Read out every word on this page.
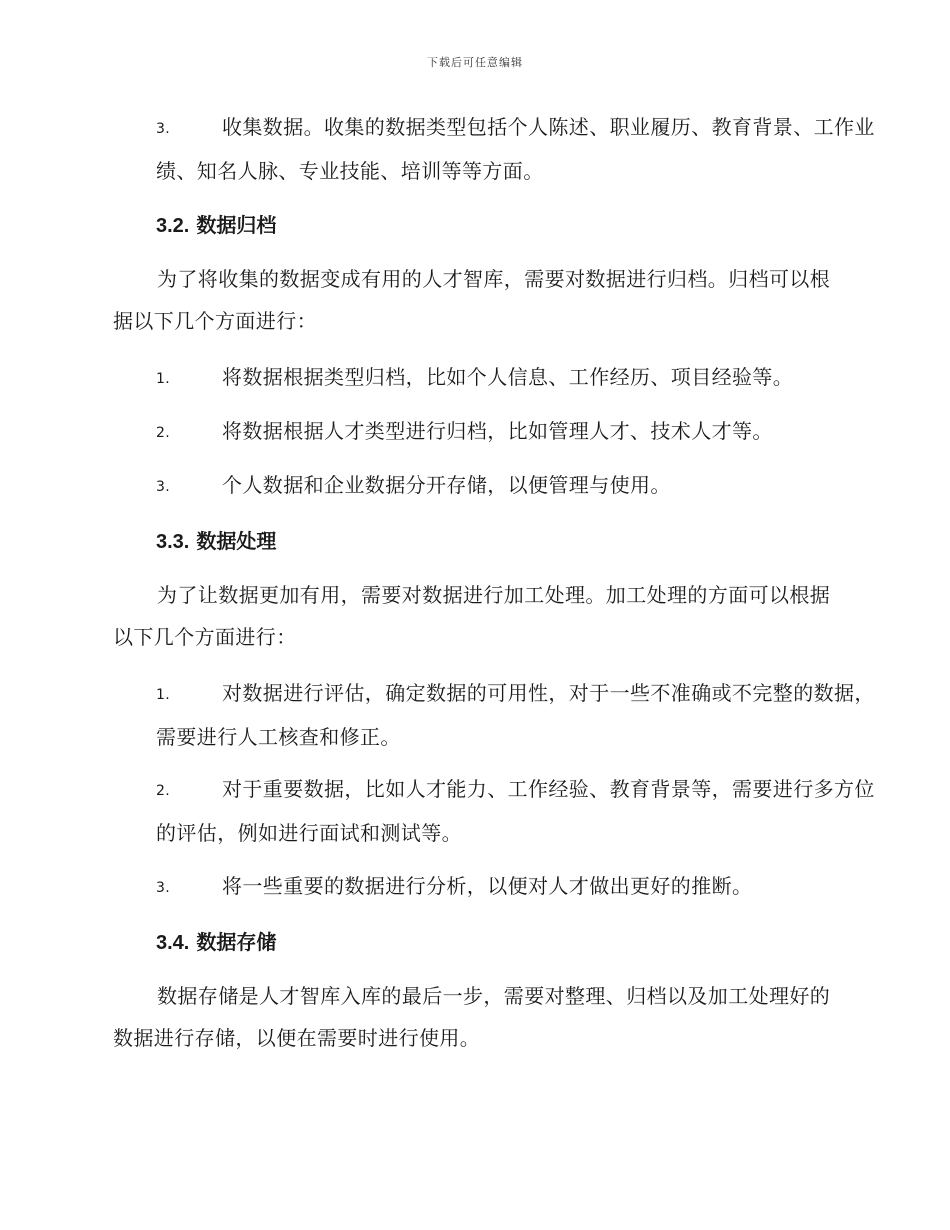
下载后可任意编辑
3.	收集数据。收集的数据类型包括个人陈述、职业履历、教育背景、工作业绩、知名人脉、专业技能、培训等等方面。
3.2. 数据归档
为了将收集的数据变成有用的人才智库，需要对数据进行归档。归档可以根据以下几个方面进行：
1.	将数据根据类型归档，比如个人信息、工作经历、项目经验等。
2.	将数据根据人才类型进行归档，比如管理人才、技术人才等。
3.	个人数据和企业数据分开存储，以便管理与使用。
3.3. 数据处理
为了让数据更加有用，需要对数据进行加工处理。加工处理的方面可以根据以下几个方面进行：
1.	对数据进行评估，确定数据的可用性，对于一些不准确或不完整的数据，需要进行人工核查和修正。
2.	对于重要数据，比如人才能力、工作经验、教育背景等，需要进行多方位的评估，例如进行面试和测试等。
3.	将一些重要的数据进行分析，以便对人才做出更好的推断。
3.4. 数据存储
数据存储是人才智库入库的最后一步，需要对整理、归档以及加工处理好的数据进行存储，以便在需要时进行使用。
